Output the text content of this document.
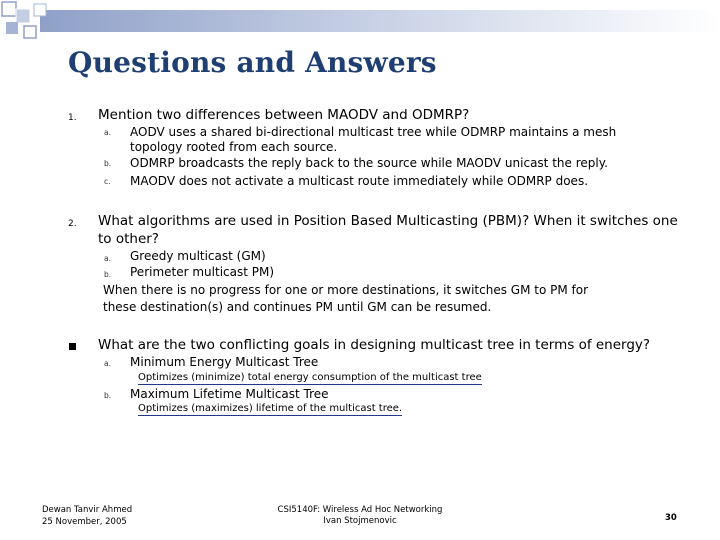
Questions and Answers
1. Mention two differences between MAODV and ODMRP?
a. AODV uses a shared bi-directional multicast tree while ODMRP maintains a mesh topology rooted from each source.
b. ODMRP broadcasts the reply back to the source while MAODV unicast the reply.
c. MAODV does not activate a multicast route immediately while ODMRP does.
2. What algorithms are used in Position Based Multicasting (PBM)? When it switches one to other?
a. Greedy multicast (GM)
b. Perimeter multicast PM)
When there is no progress for one or more destinations, it switches GM to PM for these destination(s) and continues PM until GM can be resumed.
What are the two conflicting goals in designing multicast tree in terms of energy?
a. Minimum Energy Multicast Tree
Optimizes (minimize) total energy consumption of the multicast tree
b. Maximum Lifetime Multicast Tree
Optimizes (maximizes) lifetime of the multicast tree.
Dewan Tanvir Ahmed
25 November, 2005
CSI5140F: Wireless Ad Hoc Networking
Ivan Stojmenovic	30
